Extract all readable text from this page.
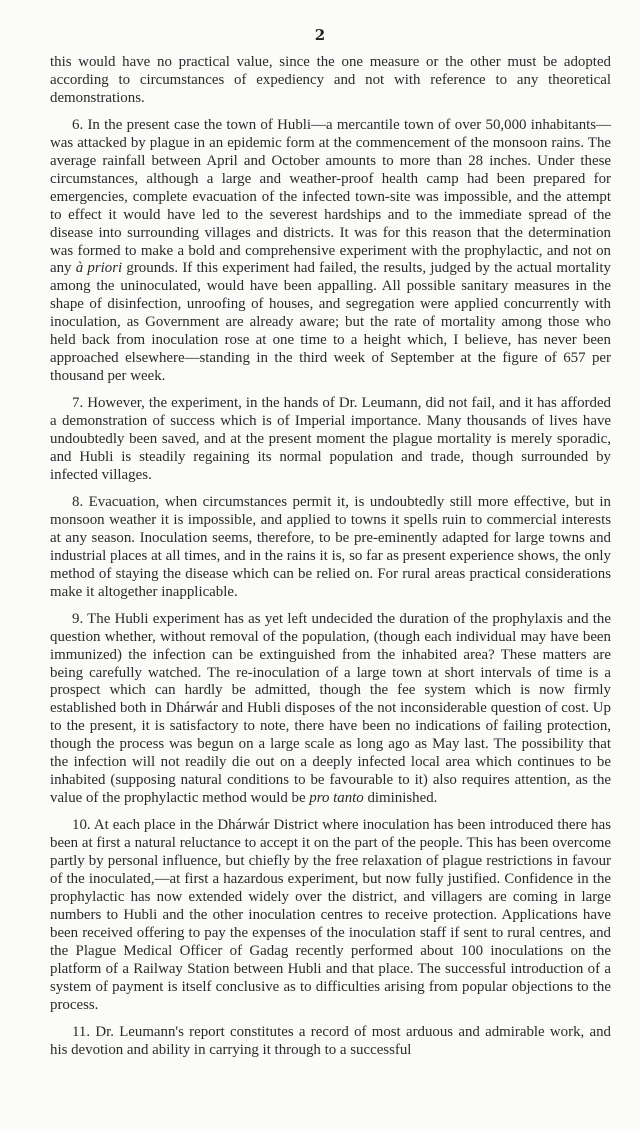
2

this would have no practical value, since the one measure or the other must be adopted according to circumstances of expediency and not with reference to any theoretical demonstrations.

6. In the present case the town of Hubli—a mercantile town of over 50,000 inhabitants—was attacked by plague in an epidemic form at the commencement of the monsoon rains. The average rainfall between April and October amounts to more than 28 inches. Under these circumstances, although a large and weather-proof health camp had been prepared for emergencies, complete evacuation of the infected town-site was impossible, and the attempt to effect it would have led to the severest hardships and to the immediate spread of the disease into surrounding villages and districts. It was for this reason that the determination was formed to make a bold and comprehensive experiment with the prophylactic, and not on any à priori grounds. If this experiment had failed, the results, judged by the actual mortality among the uninoculated, would have been appalling. All possible sanitary measures in the shape of disinfection, unroofing of houses, and segregation were applied concurrently with inoculation, as Government are already aware; but the rate of mortality among those who held back from inoculation rose at one time to a height which, I believe, has never been approached elsewhere—standing in the third week of September at the figure of 657 per thousand per week.

7. However, the experiment, in the hands of Dr. Leumann, did not fail, and it has afforded a demonstration of success which is of Imperial importance. Many thousands of lives have undoubtedly been saved, and at the present moment the plague mortality is merely sporadic, and Hubli is steadily regaining its normal population and trade, though surrounded by infected villages.

8. Evacuation, when circumstances permit it, is undoubtedly still more effective, but in monsoon weather it is impossible, and applied to towns it spells ruin to commercial interests at any season. Inoculation seems, therefore, to be pre-eminently adapted for large towns and industrial places at all times, and in the rains it is, so far as present experience shows, the only method of staying the disease which can be relied on. For rural areas practical considerations make it altogether inapplicable.

9. The Hubli experiment has as yet left undecided the duration of the prophylaxis and the question whether, without removal of the population, (though each individual may have been immunized) the infection can be extinguished from the inhabited area? These matters are being carefully watched. The re-inoculation of a large town at short intervals of time is a prospect which can hardly be admitted, though the fee system which is now firmly established both in Dhárwár and Hubli disposes of the not inconsiderable question of cost. Up to the present, it is satisfactory to note, there have been no indications of failing protection, though the process was begun on a large scale as long ago as May last. The possibility that the infection will not readily die out on a deeply infected local area which continues to be inhabited (supposing natural conditions to be favourable to it) also requires attention, as the value of the prophylactic method would be pro tanto diminished.

10. At each place in the Dhárwár District where inoculation has been introduced there has been at first a natural reluctance to accept it on the part of the people. This has been overcome partly by personal influence, but chiefly by the free relaxation of plague restrictions in favour of the inoculated,—at first a hazardous experiment, but now fully justified. Confidence in the prophylactic has now extended widely over the district, and villagers are coming in large numbers to Hubli and the other inoculation centres to receive protection. Applications have been received offering to pay the expenses of the inoculation staff if sent to rural centres, and the Plague Medical Officer of Gadag recently performed about 100 inoculations on the platform of a Railway Station between Hubli and that place. The successful introduction of a system of payment is itself conclusive as to difficulties arising from popular objections to the process.

11. Dr. Leumann's report constitutes a record of most arduous and admirable work, and his devotion and ability in carrying it through to a successful
